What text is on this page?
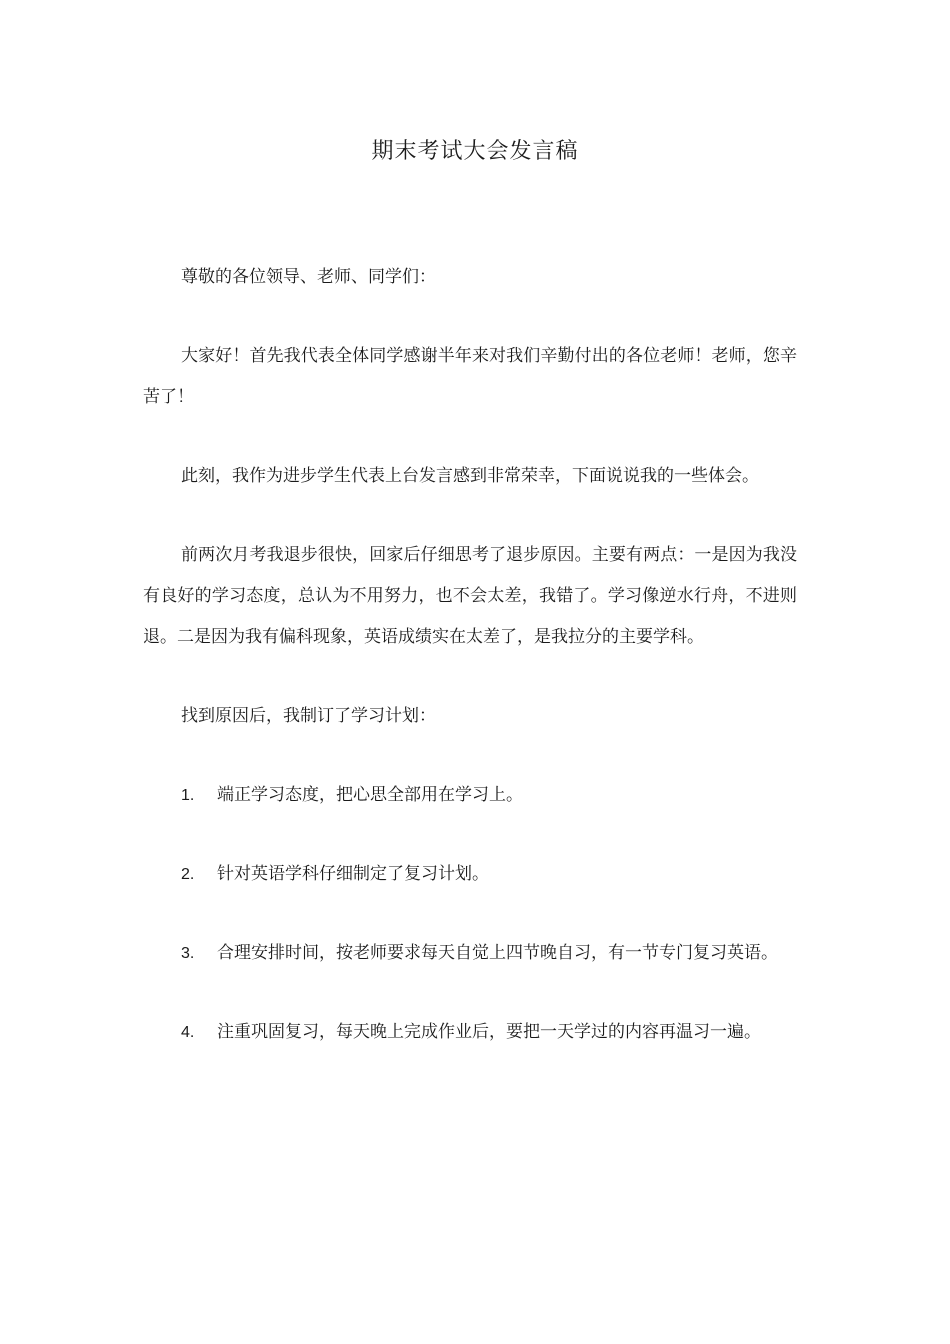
期末考试大会发言稿

尊敬的各位领导、老师、同学们：

大家好！首先我代表全体同学感谢半年来对我们辛勤付出的各位老师！老师，您辛苦了！

此刻，我作为进步学生代表上台发言感到非常荣幸，下面说说我的一些体会。

前两次月考我退步很快，回家后仔细思考了退步原因。主要有两点：一是因为我没有良好的学习态度，总认为不用努力，也不会太差，我错了。学习像逆水行舟，不进则退。二是因为我有偏科现象，英语成绩实在太差了，是我拉分的主要学科。

找到原因后，我制订了学习计划：

1. 端正学习态度，把心思全部用在学习上。

2. 针对英语学科仔细制定了复习计划。

3. 合理安排时间，按老师要求每天自觉上四节晚自习，有一节专门复习英语。

4. 注重巩固复习，每天晚上完成作业后，要把一天学过的内容再温习一遍。
